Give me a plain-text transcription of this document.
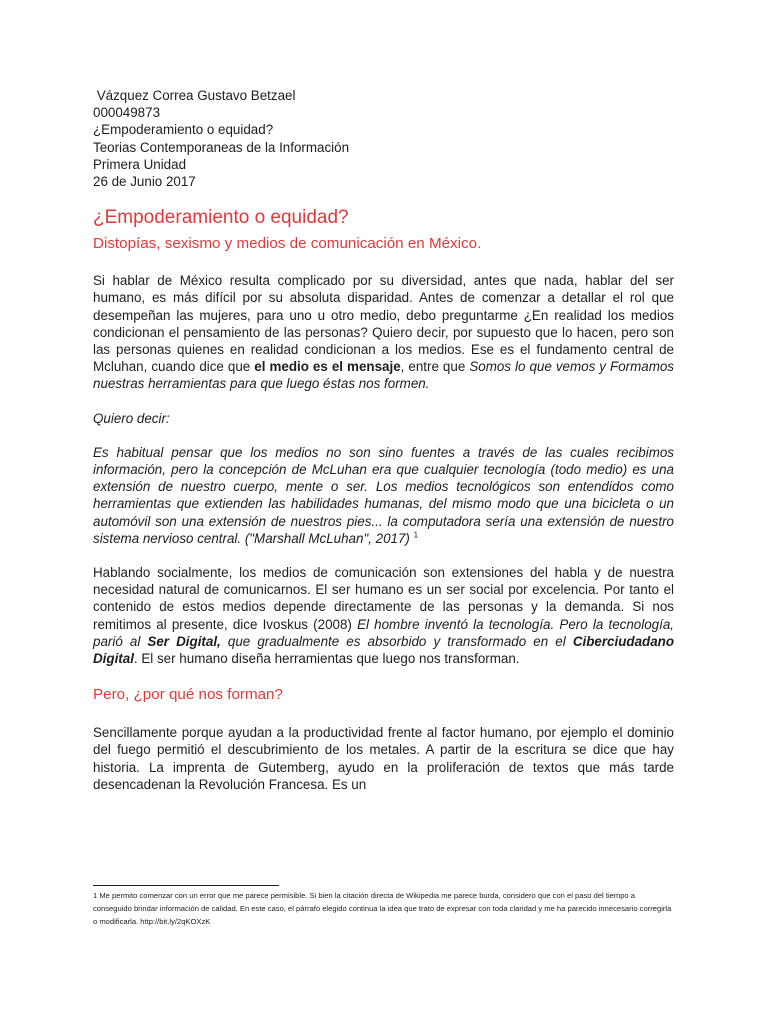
Vázquez Correa Gustavo Betzael
000049873
¿Empoderamiento o equidad?
Teorias Contemporaneas de la Información
Primera Unidad
26 de Junio 2017
¿Empoderamiento o equidad?
Distopías, sexismo y medios de comunicación en México.

Si hablar de México resulta complicado por su diversidad, antes que nada, hablar del ser humano, es más difícil por su absoluta disparidad. Antes de comenzar a detallar el rol que desempeñan las mujeres, para uno u otro medio, debo preguntarme ¿En realidad los medios condicionan el pensamiento de las personas? Quiero decir, por supuesto que lo hacen, pero son las personas quienes en realidad condicionan a los medios. Ese es el fundamento central de Mcluhan, cuando dice que el medio es el mensaje, entre que Somos lo que vemos y Formamos nuestras herramientas para que luego éstas nos formen.

Quiero decir:

Es habitual pensar que los medios no son sino fuentes a través de las cuales recibimos información, pero la concepción de McLuhan era que cualquier tecnología (todo medio) es una extensión de nuestro cuerpo, mente o ser. Los medios tecnológicos son entendidos como herramientas que extienden las habilidades humanas, del mismo modo que una bicicleta o un automóvil son una extensión de nuestros pies... la computadora sería una extensión de nuestro sistema nervioso central. ("Marshall McLuhan", 2017) $^1$

Hablando socialmente, los medios de comunicación son extensiones del habla y de nuestra necesidad natural de comunicarnos. El ser humano es un ser social por excelencia. Por tanto el contenido de estos medios depende directamente de las personas y la demanda. Si nos remitimos al presente, dice Ivoskus (2008) El hombre inventó la tecnología. Pero la tecnología, parió al Ser Digital, que gradualmente es absorbido y transformado en el Ciberciudadano Digital. El ser humano diseña herramientas que luego nos transforman.

Pero, ¿por qué nos forman?

Sencillamente porque ayudan a la productividad frente al factor humano, por ejemplo el dominio del fuego permitió el descubrimiento de los metales. A partir de la escritura se dice que hay historia. La imprenta de Gutemberg, ayudo en la proliferación de textos que más tarde desencadenan la Revolución Francesa. Es un

1 Me permito comenzar con un error que me parece permisible. Si bien la citación directa de Wikipedia me parece burda, considero que con el paso del tiempo a conseguido brindar información de calidad. En este caso, el párrafo elegido continua la idea que trato de expresar con toda claridad y me ha parecido innecesario corregirla o modificarla. http://bit.ly/2qKOXzK
